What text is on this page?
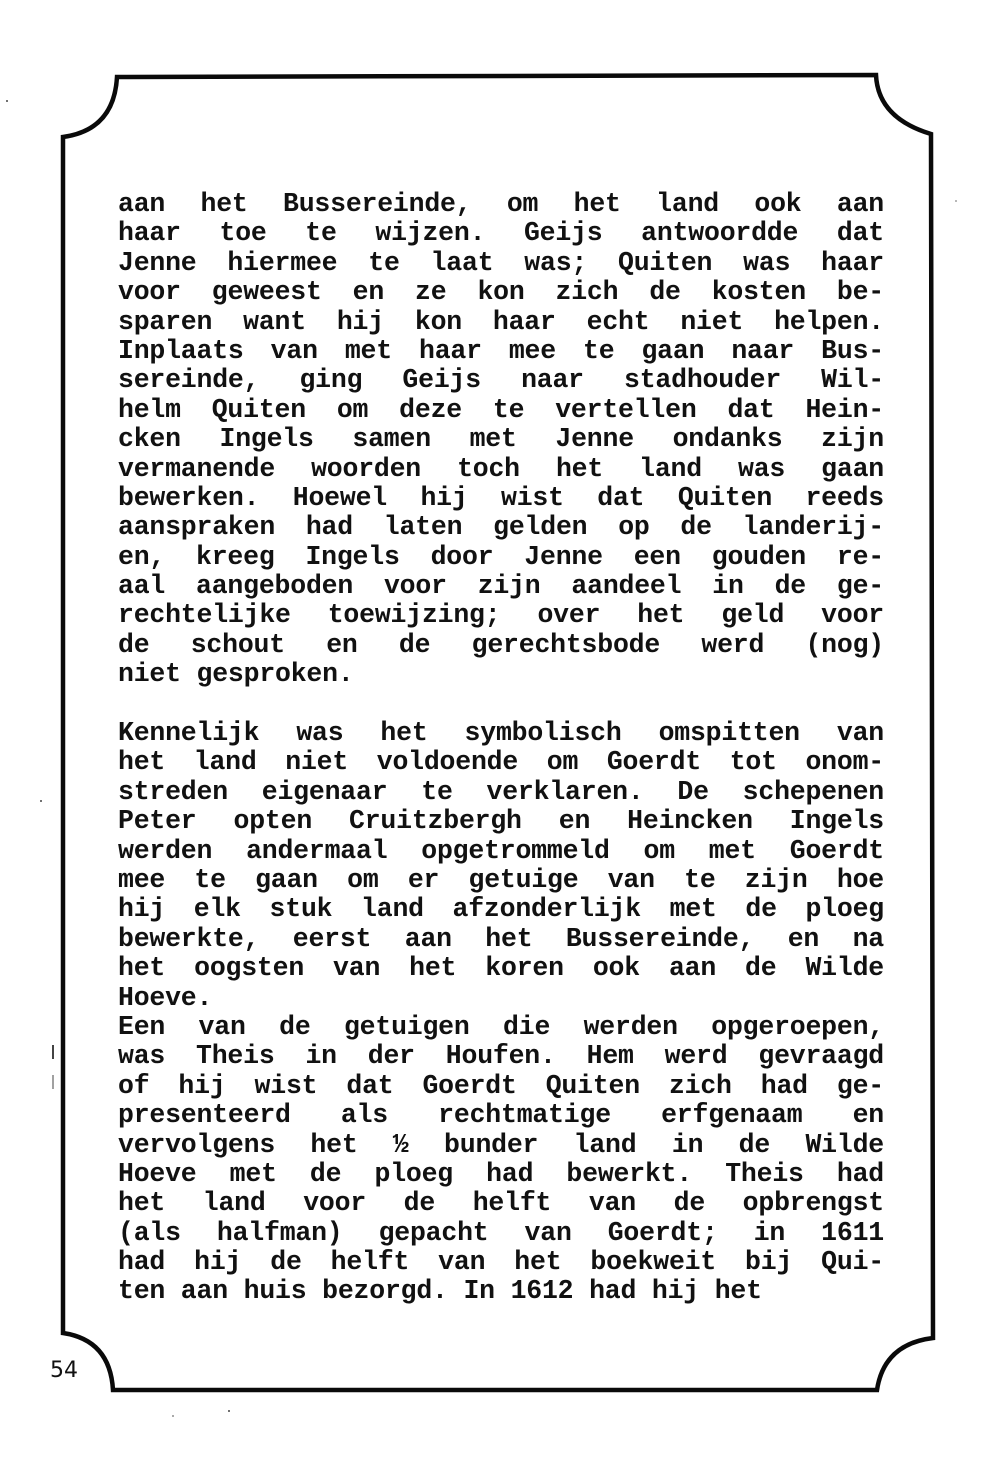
aan het Bussereinde, om het land ook aan
haar toe te wijzen. Geijs antwoordde dat
Jenne hiermee te laat was; Quiten was haar
voor geweest en ze kon zich de kosten be-
sparen want hij kon haar echt niet helpen.
Inplaats van met haar mee te gaan naar Bus-
sereinde, ging Geijs naar stadhouder Wil-
helm Quiten om deze te vertellen dat Hein-
cken Ingels samen met Jenne ondanks zijn
vermanende woorden toch het land was gaan
bewerken. Hoewel hij wist dat Quiten reeds
aanspraken had laten gelden op de landerij-
en, kreeg Ingels door Jenne een gouden re-
aal aangeboden voor zijn aandeel in de ge-
rechtelijke toewijzing; over het geld voor
de schout en de gerechtsbode werd (nog)
niet gesproken.
Kennelijk was het symbolisch omspitten van
het land niet voldoende om Goerdt tot onom-
streden eigenaar te verklaren. De schepenen
Peter opten Cruitzbergh en Heincken Ingels
werden andermaal opgetrommeld om met Goerdt
mee te gaan om er getuige van te zijn hoe
hij elk stuk land afzonderlijk met de ploeg
bewerkte, eerst aan het Bussereinde, en na
het oogsten van het koren ook aan de Wilde
Hoeve.
Een van de getuigen die werden opgeroepen,
was Theis in der Houfen. Hem werd gevraagd
of hij wist dat Goerdt Quiten zich had ge-
presenteerd als rechtmatige erfgenaam en
vervolgens het ½ bunder land in de Wilde
Hoeve met de ploeg had bewerkt. Theis had
het land voor de helft van de opbrengst
(als halfman) gepacht van Goerdt; in 1611
had hij de helft van het boekweit bij Qui-
ten aan huis bezorgd. In 1612 had hij het
54
